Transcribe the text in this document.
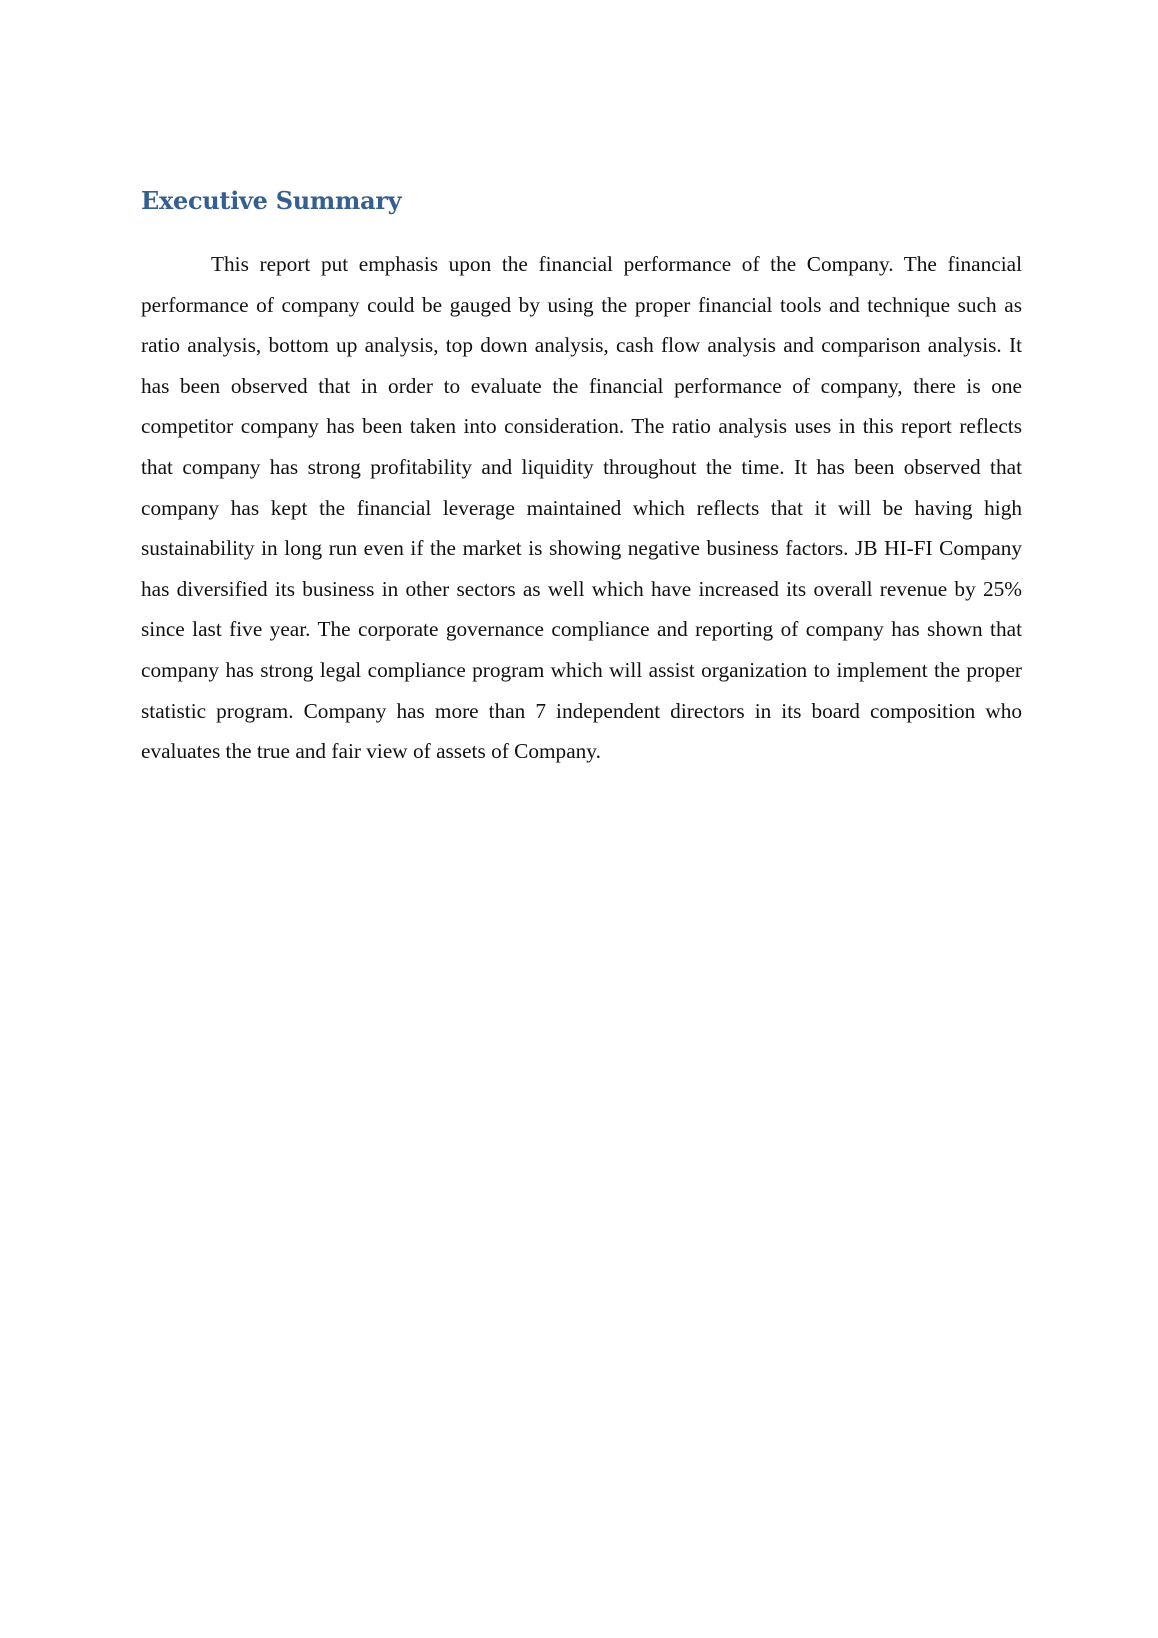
Executive Summary

This report put emphasis upon the financial performance of the Company. The financial performance of company could be gauged by using the proper financial tools and technique such as ratio analysis, bottom up analysis, top down analysis, cash flow analysis and comparison analysis. It has been observed that in order to evaluate the financial performance of company, there is one competitor company has been taken into consideration. The ratio analysis uses in this report reflects that company has strong profitability and liquidity throughout the time. It has been observed that company has kept the financial leverage maintained which reflects that it will be having high sustainability in long run even if the market is showing negative business factors. JB HI-FI Company has diversified its business in other sectors as well which have increased its overall revenue by 25% since last five year. The corporate governance compliance and reporting of company has shown that company has strong legal compliance program which will assist organization to implement the proper statistic program. Company has more than 7 independent directors in its board composition who evaluates the true and fair view of assets of Company.
